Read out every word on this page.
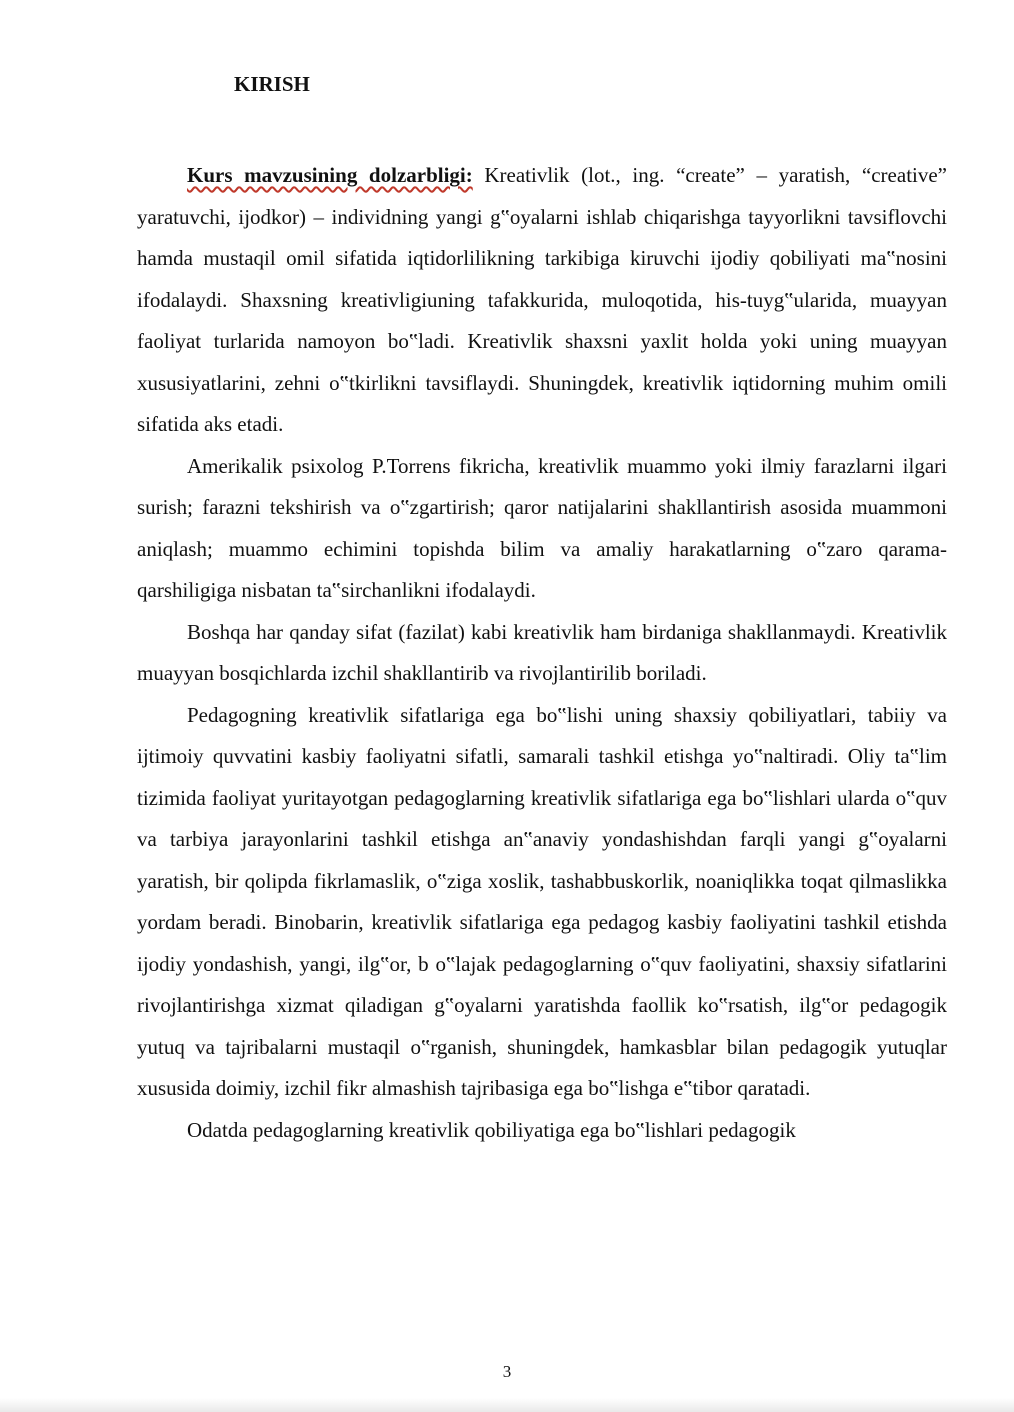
KIRISH

Kurs mavzusining dolzarbligi: Kreativlik (lot., ing. “create” – yaratish, “creative” yaratuvchi, ijodkor) – individning yangi g‟oyalarni ishlab chiqarishga tayyorlikni tavsiflovchi hamda mustaqil omil sifatida iqtidorlilikning tarkibiga kiruvchi ijodiy qobiliyati ma‟nosini ifodalaydi. Shaxsning kreativligiuning tafakkurida, muloqotida, his-tuyg‟ularida, muayyan faoliyat turlarida namoyon bo‟ladi. Kreativlik shaxsni yaxlit holda yoki uning muayyan xususiyatlarini, zehni o‟tkirlikni tavsiflaydi. Shuningdek, kreativlik iqtidorning muhim omili sifatida aks etadi.

Amerikalik psixolog P.Torrens fikricha, kreativlik muammo yoki ilmiy farazlarni ilgari surish; farazni tekshirish va o‟zgartirish; qaror natijalarini shakllantirish asosida muammoni aniqlash; muammo echimini topishda bilim va amaliy harakatlarning o‟zaro qarama-qarshiligiga nisbatan ta‟sirchanlikni ifodalaydi.

Boshqa har qanday sifat (fazilat) kabi kreativlik ham birdaniga shakllanmaydi. Kreativlik muayyan bosqichlarda izchil shakllantirib va rivojlantirilib boriladi.

Pedagogning kreativlik sifatlariga ega bo‟lishi uning shaxsiy qobiliyatlari, tabiiy va ijtimoiy quvvatini kasbiy faoliyatni sifatli, samarali tashkil etishga yo‟naltiradi. Oliy ta‟lim tizimida faoliyat yuritayotgan pedagoglarning kreativlik sifatlariga ega bo‟lishlari ularda o‟quv va tarbiya jarayonlarini tashkil etishga an‟anaviy yondashishdan farqli yangi g‟oyalarni yaratish, bir qolipda fikrlamaslik, o‟ziga xoslik, tashabbuskorlik, noaniqlikka toqat qilmaslikka yordam beradi. Binobarin, kreativlik sifatlariga ega pedagog kasbiy faoliyatini tashkil etishda ijodiy yondashish, yangi, ilg‟or, b o‟lajak pedagoglarning o‟quv faoliyatini, shaxsiy sifatlarini rivojlantirishga xizmat qiladigan g‟oyalarni yaratishda faollik ko‟rsatish, ilg‟or pedagogik yutuq va tajribalarni mustaqil o‟rganish, shuningdek, hamkasblar bilan pedagogik yutuqlar xususida doimiy, izchil fikr almashish tajribasiga ega bo‟lishga e‟tibor qaratadi.

Odatda pedagoglarning kreativlik qobiliyatiga ega bo‟lishlari pedagogik

3
